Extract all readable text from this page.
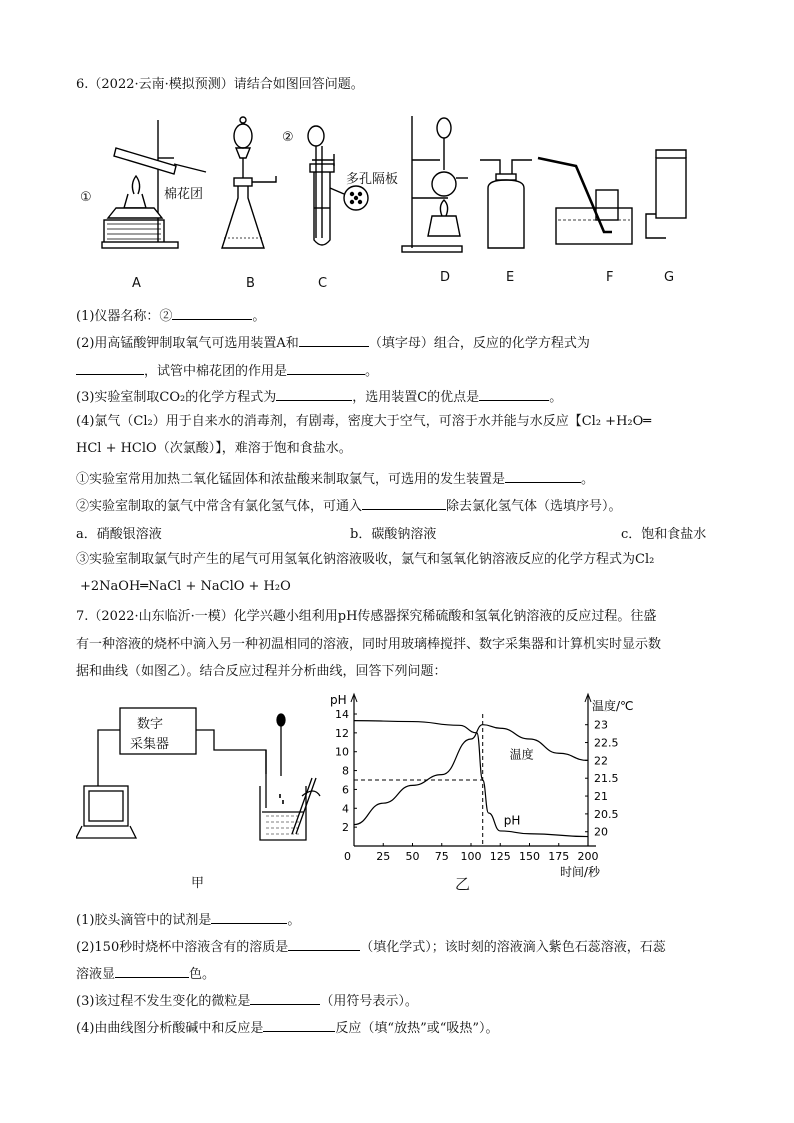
6.（2022·云南·模拟预测）请结合如图回答问题。
①
②
棉花团
多孔隔板
A	B	C	D	E	F	G
(1)仪器名称：②	。
(2)用高锰酸钾制取氧气可选用装置A和	（填字母）组合，反应的化学方程式为
，试管中棉花团的作用是	。
(3)实验室制取CO₂的化学方程式为	，选用装置C的优点是	。
(4)氯气（Cl₂）用于自来水的消毒剂，有剧毒，密度大于空气，可溶于水并能与水反应【Cl₂ +H₂O═
HCl + HClO（次氯酸）】，难溶于饱和食盐水。
①实验室常用加热二氧化锰固体和浓盐酸来制取氯气，可选用的发生装置是	。
②实验室制取的氯气中常含有氯化氢气体，可通入	除去氯化氢气体（选填序号）。
a．硝酸银溶液	b．碳酸钠溶液	c．饱和食盐水
③实验室制取氯气时产生的尾气可用氢氧化钠溶液吸收，氯气和氢氧化钠溶液反应的化学方程式为Cl₂
+2NaOH═NaCl + NaClO + H₂O
7.（2022·山东临沂·一模）化学兴趣小组利用pH传感器探究稀硫酸和氢氧化钠溶液的反应过程。往盛
有一种溶液的烧杯中滴入另一种初温相同的溶液，同时用玻璃棒搅拌、数字采集器和计算机实时显示数
据和曲线（如图乙）。结合反应过程并分析曲线，回答下列问题：
数字
采集器
甲
pH	温度/℃
时间/秒
0 25 50 75 100 125 150 175 200
2
4
6
8
10
12
14
20
20.5
21
21.5
22
22.5
23
pH
温度
乙
(1)胶头滴管中的试剂是	。
(2)150秒时烧杯中溶液含有的溶质是	（填化学式）；该时刻的溶液滴入紫色石蕊溶液，石蕊
溶液显	色。
(3)该过程不发生变化的微粒是	（用符号表示）。
(4)由曲线图分析酸碱中和反应是	反应（填“放热”或“吸热”）。
